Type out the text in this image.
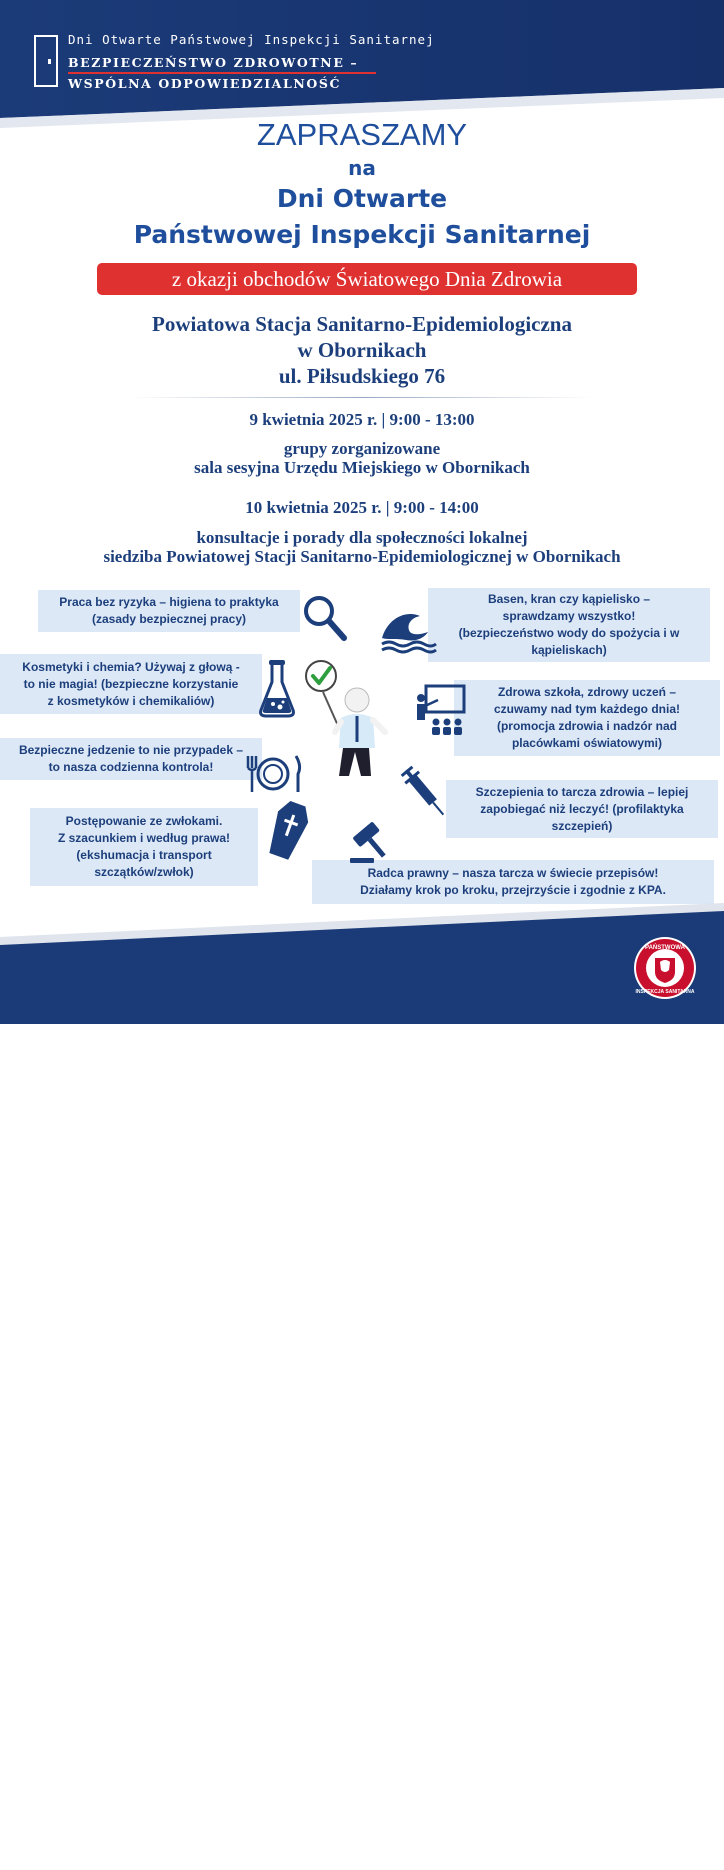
Dni Otwarte Państwowej Inspekcji Sanitarnej
BEZPIECZEŃSTWO ZDROWOTNE –
WSPÓLNA ODPOWIEDZIALNOŚĆ
ZAPRASZAMY
na
Dni Otwarte
Państwowej Inspekcji Sanitarnej
z okazji obchodów Światowego Dnia Zdrowia
Powiatowa Stacja Sanitarno-Epidemiologiczna
w Obornikach
ul. Piłsudskiego 76
9 kwietnia 2025 r. | 9:00 - 13:00
grupy zorganizowane
sala sesyjna Urzędu Miejskiego w Obornikach
10 kwietnia 2025 r. | 9:00 - 14:00
konsultacje i porady dla społeczności lokalnej
siedziba Powiatowej Stacji Sanitarno-Epidemiologicznej w Obornikach
Praca bez ryzyka – higiena to praktyka
(zasady bezpiecznej pracy)
Basen, kran czy kąpielisko –
sprawdzamy wszystko!
(bezpieczeństwo wody do spożycia i w
kąpieliskach)
Kosmetyki i chemia? Używaj z głową -
to nie magia! (bezpieczne korzystanie
z kosmetyków i chemikaliów)
Zdrowa szkoła, zdrowy uczeń –
czuwamy nad tym każdego dnia!
(promocja zdrowia i nadzór nad
placówkami oświatowymi)
Bezpieczne jedzenie to nie przypadek –
to nasza codzienna kontrola!
Szczepienia to tarcza zdrowia – lepiej
zapobiegać niż leczyć! (profilaktyka
szczepień)
Postępowanie ze zwłokami.
Z szacunkiem i według prawa!
(ekshumacja i transport
szczątków/zwłok)	Radca prawny – nasza tarcza w świecie przepisów!
Działamy krok po kroku, przejrzyście i zgodnie z KPA.
MONITORUJEMY • ANALIZUJEMY • REAGUJEMY • EDUKUJEMY
PAŃSTWOWA
INSPEKCJA SANITARNA
